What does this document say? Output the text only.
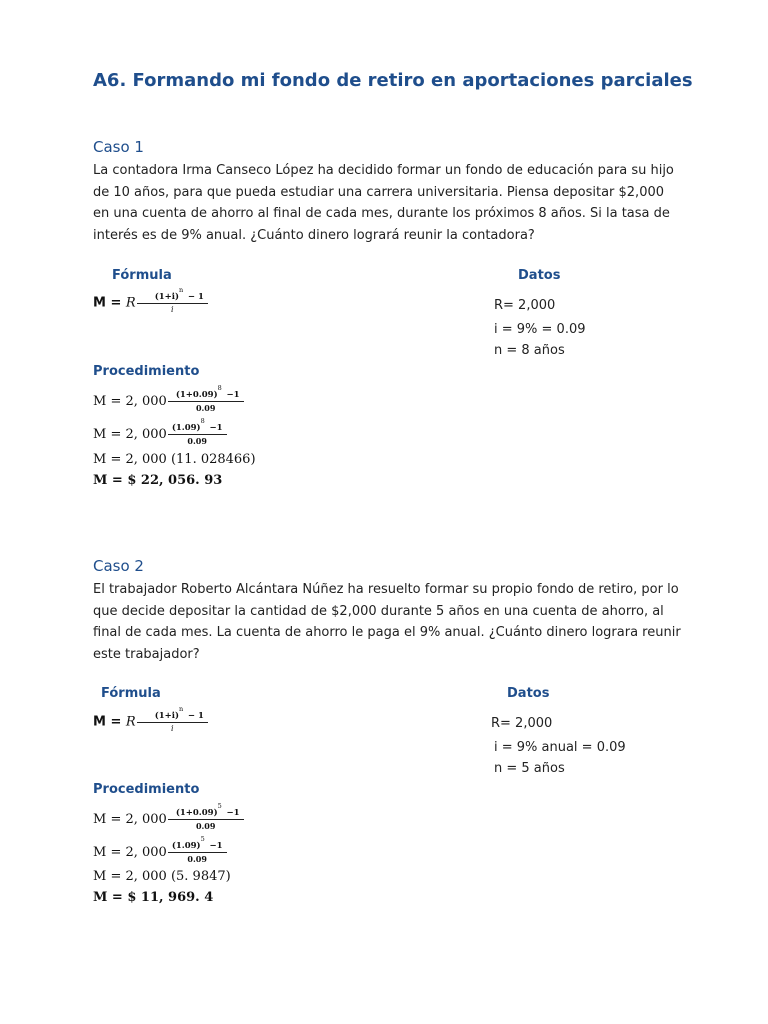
A6. Formando mi fondo de retiro en aportaciones parciales
Caso 1
La contadora Irma Canseco López ha decidido formar un fondo de educación para su hijo de 10 años, para que pueda estudiar una carrera universitaria. Piensa depositar $2,000 en una cuenta de ahorro al final de cada mes, durante los próximos 8 años. Si la tasa de interés es de 9% anual. ¿Cuánto dinero logrará reunir la contadora?
Fórmula	Datos
M = R (1+i)
n
− 1
i	R= 2,000
i = 9% = 0.09
n = 8 años
Procedimiento
M = 2, 000 (1+0.09)
8
−1
0.09
M = 2, 000 (1.09)
8
−1
0.09
M = 2, 000 (11. 028466)
M = $ 22, 056. 93
Caso 2
El trabajador Roberto Alcántara Núñez ha resuelto formar su propio fondo de retiro, por lo que decide depositar la cantidad de $2,000 durante 5 años en una cuenta de ahorro, al final de cada mes. La cuenta de ahorro le paga el 9% anual. ¿Cuánto dinero lograra reunir este trabajador?
Fórmula	Datos
M = R (1+i)
n
− 1
i	R= 2,000
i = 9% anual = 0.09
n = 5 años
Procedimiento
M = 2, 000 (1+0.09)
5
−1
0.09
M = 2, 000 (1.09)
5
−1
0.09
M = 2, 000 (5. 9847)
M = $ 11, 969. 4
